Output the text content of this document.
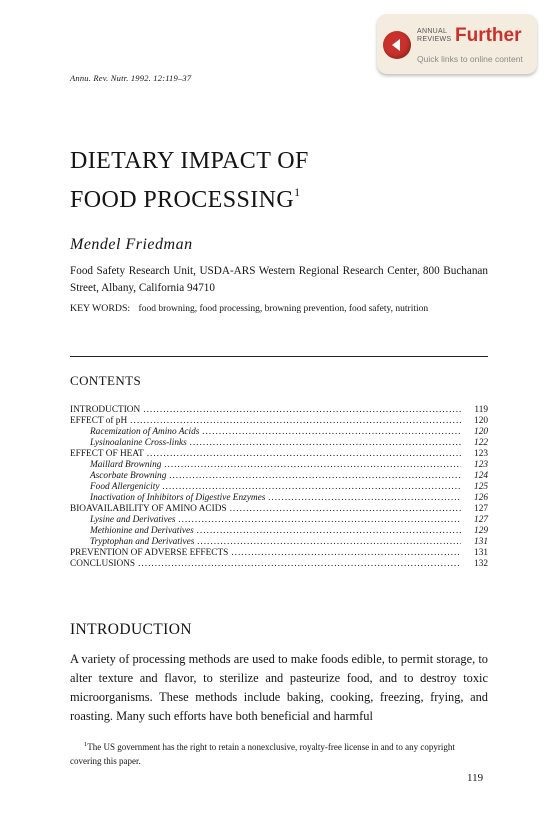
ANNUAL
REVIEWS Further
Quick links to online content
Annu. Rev. Nutr. 1992. 12:119–37
DIETARY IMPACT OF
FOOD PROCESSING$^1$
Mendel Friedman
Food Safety Research Unit, USDA-ARS Western Regional Research Center, 800 Buchanan Street, Albany, California 94710
KEY WORDS: food browning, food processing, browning prevention, food safety, nutrition
CONTENTS
INTRODUCTION .....	119
EFFECT of pH .....	120
Racemization of Amino Acids .....	120
Lysinoalanine Cross-links .....	122
EFFECT OF HEAT .....	123
Maillard Browning .....	123
Ascorbate Browning .....	124
Food Allergenicity .....	125
Inactivation of Inhibitors of Digestive Enzymes .....	126
BIOAVAILABILITY OF AMINO ACIDS .....	127
Lysine and Derivatives .....	127
Methionine and Derivatives .....	129
Tryptophan and Derivatives .....	131
PREVENTION OF ADVERSE EFFECTS .....	131
CONCLUSIONS .....	132
INTRODUCTION
A variety of processing methods are used to make foods edible, to permit storage, to alter texture and flavor, to sterilize and pasteurize food, and to destroy toxic microorganisms. These methods include baking, cooking, freezing, frying, and roasting. Many such efforts have both beneficial and harmful
$^1$The US government has the right to retain a nonexclusive, royalty-free license in and to any copyright covering this paper.
119
